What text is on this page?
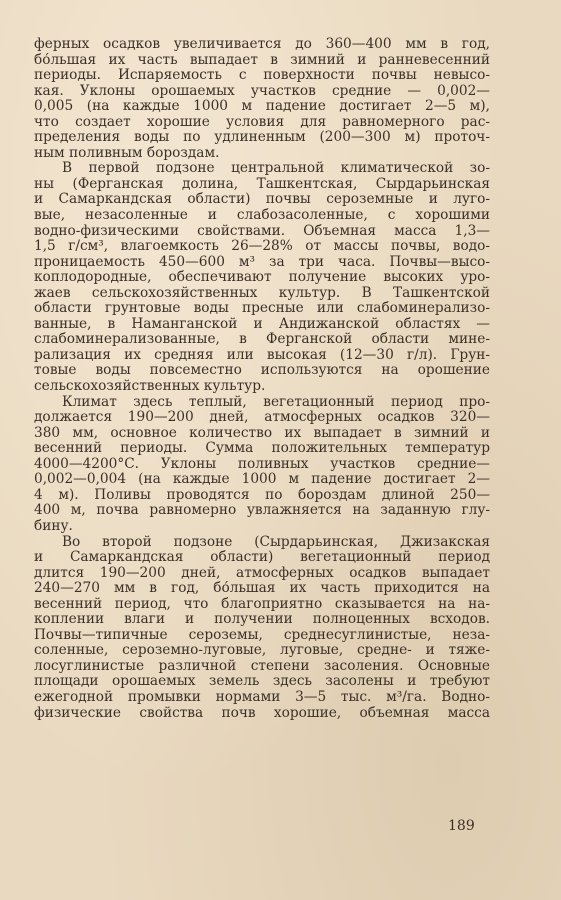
ферных осадков увеличивается до 360—400 мм в год,
бо́льшая их часть выпадает в зимний и ранневесенний
периоды. Испаряемость с поверхности почвы невысо-
кая. Уклоны орошаемых участков средние — 0,002—
0,005 (на каждые 1000 м падение достигает 2—5 м),
что создает хорошие условия для равномерного рас-
пределения воды по удлиненным (200—300 м) проточ-
ным поливным бороздам.
В первой подзоне центральной климатической зо-
ны (Ферганская долина, Ташкентская, Сырдарьинская
и Самаркандская области) почвы сероземные и луго-
вые, незасоленные и слабозасоленные, с хорошими
водно-физическими свойствами. Объемная масса 1,3—
1,5 г/см³, влагоемкость 26—28% от массы почвы, водо-
проницаемость 450—600 м³ за три часа. Почвы—высо-
коплодородные, обеспечивают получение высоких уро-
жаев сельскохозяйственных культур. В Ташкентской
области грунтовые воды пресные или слабоминерализо-
ванные, в Наманганской и Андижанской областях —
слабоминерализованные, в Ферганской области мине-
рализация их средняя или высокая (12—30 г/л). Грун-
товые воды повсеместно используются на орошение
сельскохозяйственных культур.
Климат здесь теплый, вегетационный период про-
должается 190—200 дней, атмосферных осадков 320—
380 мм, основное количество их выпадает в зимний и
весенний периоды. Сумма положительных температур
4000—4200°С. Уклоны поливных участков средние—
0,002—0,004 (на каждые 1000 м падение достигает 2—
4 м). Поливы проводятся по бороздам длиной 250—
400 м, почва равномерно увлажняется на заданную глу-
бину.
Во второй подзоне (Сырдарьинская, Джизакская
и Самаркандская области) вегетационный период
длится 190—200 дней, атмосферных осадков выпадает
240—270 мм в год, бо́льшая их часть приходится на
весенний период, что благоприятно сказывается на на-
коплении влаги и получении полноценных всходов.
Почвы—типичные сероземы, среднесуглинистые, неза-
соленные, сероземно-луговые, луговые, средне- и тяже-
лосуглинистые различной степени засоления. Основные
площади орошаемых земель здесь засолены и требуют
ежегодной промывки нормами 3—5 тыс. м³/га. Водно-
физические свойства почв хорошие, объемная масса
189
